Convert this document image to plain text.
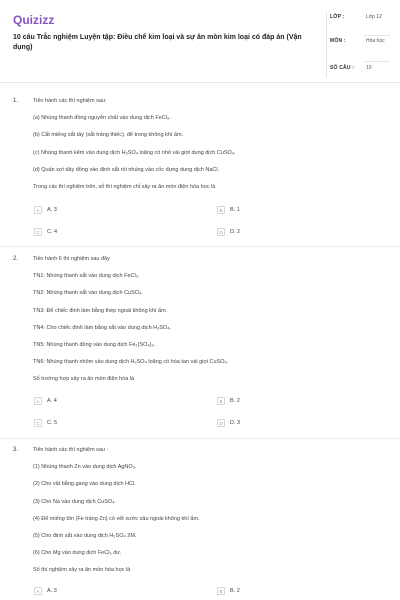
Quizizz
10 câu Trắc nghiệm Luyện tập: Điều chế kim loại và sự ăn mòn kim loại có đáp án (Vận dụng)
LỚP :	Lớp 12
MÔN :	Hóa học
SỐ CÂU : 10
1.	Tiến hành các thí nghiệm sau:
(a) Nhúng thanh đồng nguyên chất vào dung dịch FeCl₃.
(b) Cắt miếng sắt tây (sắt tráng thiếc), để trong không khí ẩm.
(c) Nhúng thanh kẽm vào dung dịch H₂SO₄ loãng có nhỏ vài giọt dung dịch CuSO₄.
(d) Quấn sợi dây đồng vào đinh sắt rồi nhúng vào cốc đựng dung dịch NaCl.
Trong các thí nghiệm trên, số thí nghiệm chỉ xảy ra ăn mòn điện hóa học là
A	A. 3	B	B. 1
C	C. 4	D	D. 2
2.	Tiến hành 6 thí nghiệm sau đây
TN1: Nhúng thanh sắt vào dung dịch FeCl₃.
TN2: Nhúng thanh sắt vào dung dịch CuSO₄.
TN3: Để chiếc đinh làm bằng thép ngoài không khí ẩm.
TN4: Cho chiếc đinh làm bằng sắt vào dung dịch H₂SO₄.
TN5: Nhúng thanh đồng vào dung dịch Fe₂(SO₄)₃.
TN6: Nhúng thanh nhôm vào dung dịch H₂SO₄ loãng có hòa tan vài giọt CuSO₄.
Số trường hợp xảy ra ăn mòn điện hóa là
A	A. 4	B	B. 2
C	C. 5	D	D. 3
3.	Tiến hành các thí nghiệm sau :
(1) Nhúng thanh Zn vào dung dịch AgNO₃.
(2) Cho vật bằng gang vào dung dịch HCl.
(3) Cho Na vào dung dịch CuSO₄.
(4) Để miếng tôn (Fe tráng Zn) có vết xước sâu ngoài không khí ẩm.
(5) Cho đinh sắt vào dung dịch H₂SO₄ 2M.
(6) Cho Mg vào dung dịch FeCl₃ dư.
Số thí nghiệm xảy ra ăn mòn hóa học là
A	A. 3	B	B. 2
